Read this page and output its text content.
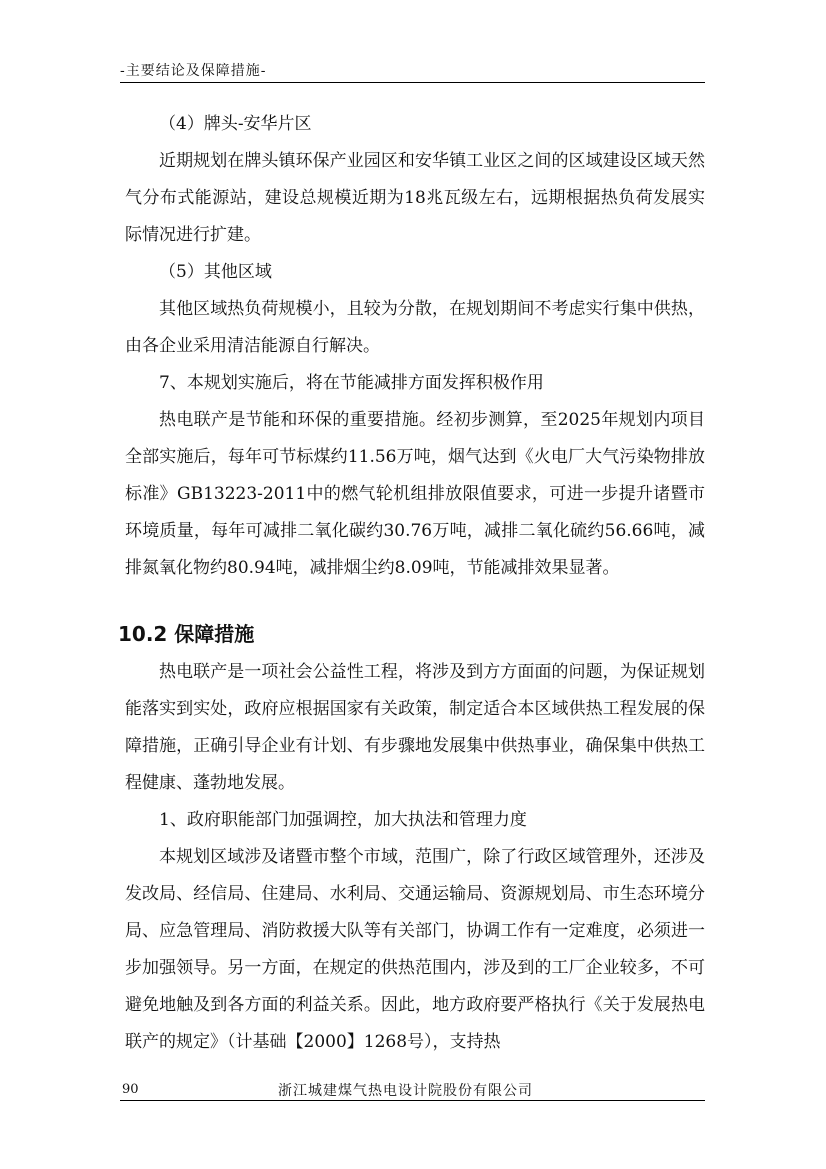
-主要结论及保障措施-

（4）牌头-安华片区

近期规划在牌头镇环保产业园区和安华镇工业区之间的区域建设区域天然气分布式能源站，建设总规模近期为18兆瓦级左右，远期根据热负荷发展实际情况进行扩建。

（5）其他区域

其他区域热负荷规模小，且较为分散，在规划期间不考虑实行集中供热，由各企业采用清洁能源自行解决。

7、本规划实施后，将在节能减排方面发挥积极作用

热电联产是节能和环保的重要措施。经初步测算，至2025年规划内项目全部实施后，每年可节标煤约11.56万吨，烟气达到《火电厂大气污染物排放标准》GB13223-2011中的燃气轮机组排放限值要求，可进一步提升诸暨市环境质量，每年可减排二氧化碳约30.76万吨，减排二氧化硫约56.66吨，减排氮氧化物约80.94吨，减排烟尘约8.09吨，节能减排效果显著。

10.2 保障措施

热电联产是一项社会公益性工程，将涉及到方方面面的问题，为保证规划能落实到实处，政府应根据国家有关政策，制定适合本区域供热工程发展的保障措施，正确引导企业有计划、有步骤地发展集中供热事业，确保集中供热工程健康、蓬勃地发展。

1、政府职能部门加强调控，加大执法和管理力度

本规划区域涉及诸暨市整个市域，范围广，除了行政区域管理外，还涉及发改局、经信局、住建局、水利局、交通运输局、资源规划局、市生态环境分局、应急管理局、消防救援大队等有关部门，协调工作有一定难度，必须进一步加强领导。另一方面，在规定的供热范围内，涉及到的工厂企业较多，不可避免地触及到各方面的利益关系。因此，地方政府要严格执行《关于发展热电联产的规定》（计基础【2000】1268号），支持热

90	浙江城建煤气热电设计院股份有限公司
